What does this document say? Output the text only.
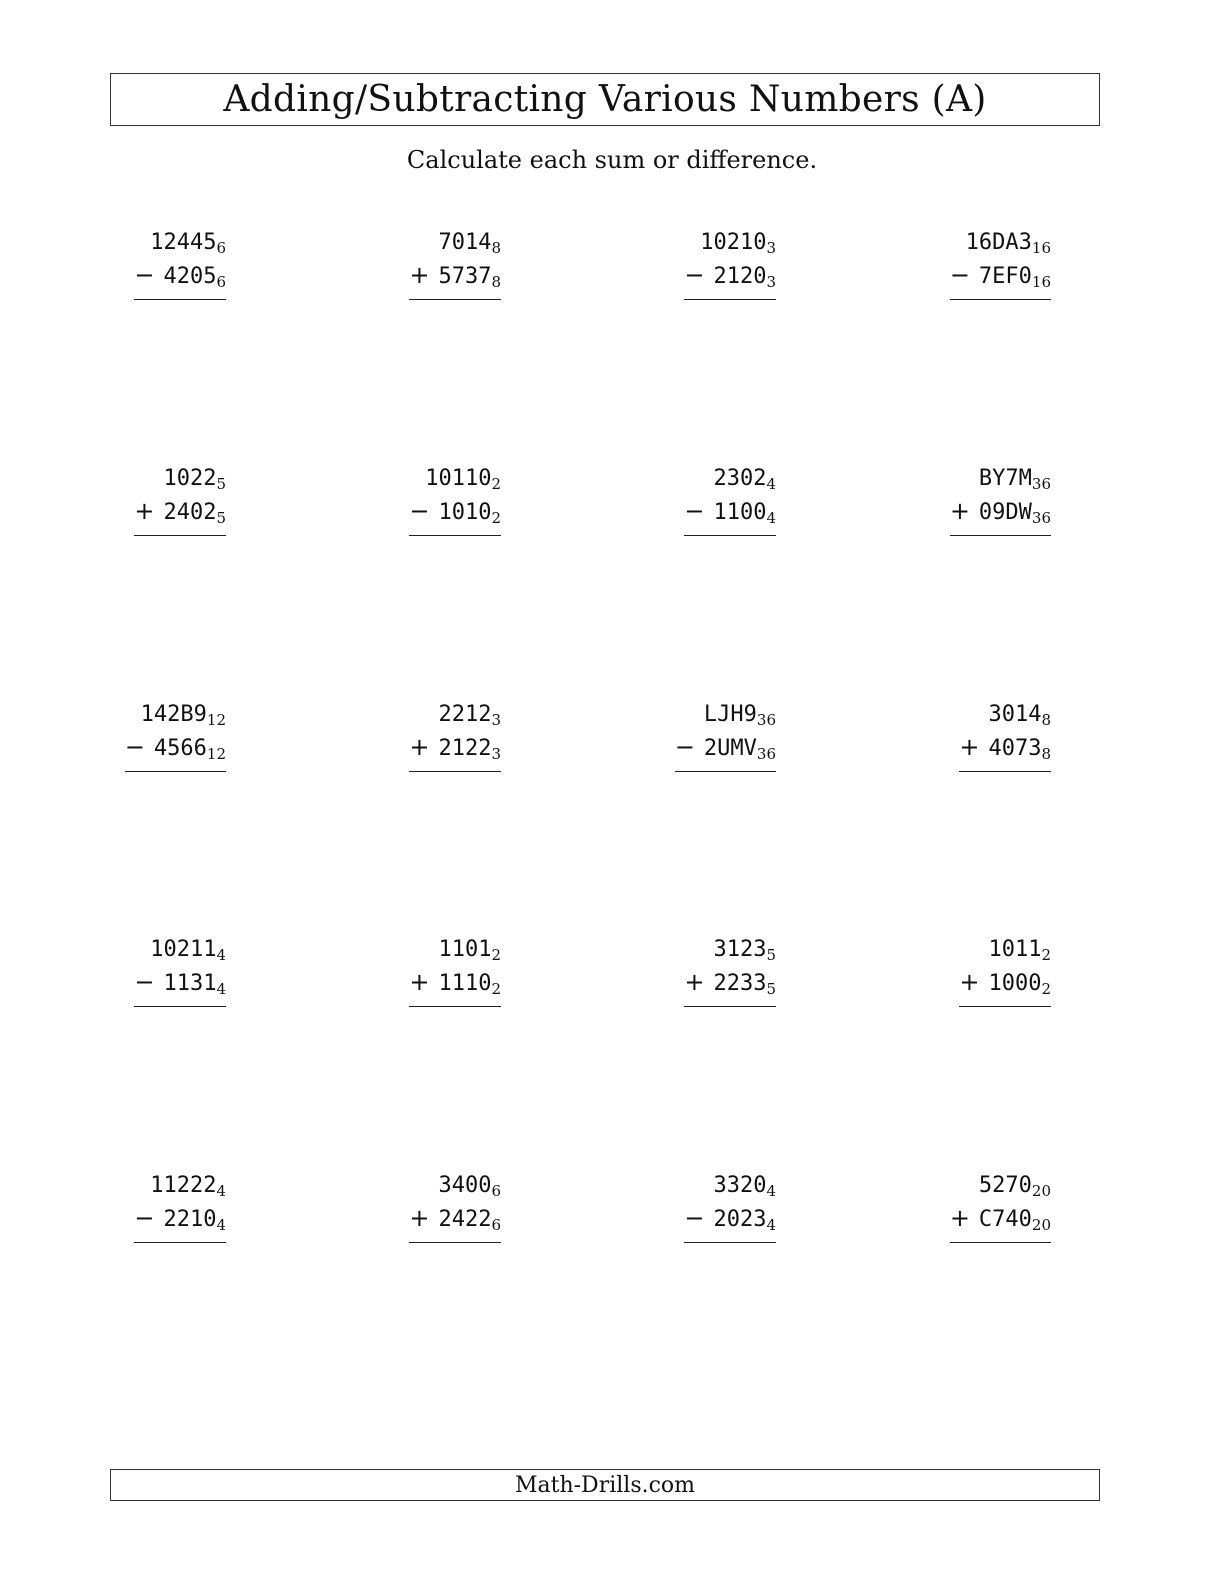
Adding/Subtracting Various Numbers (A)
Calculate each sum or difference.
$12445_6$
− $4205_6$
$7014_8$
+ $5737_8$
$10210_3$
− $2120_3$
$16DA3_{16}$
− $7EF0_{16}$
$1022_5$
+ $2402_5$
$10110_2$
− $1010_2$
$2302_4$
− $1100_4$
$BY7M_{36}$
+ $09DW_{36}$
$142B9_{12}$
− $4566_{12}$
$2212_3$
+ $2122_3$
$LJH9_{36}$
− $2UMV_{36}$
$3014_8$
+ $4073_8$
$10211_4$
− $1131_4$
$1101_2$
+ $1110_2$
$3123_5$
+ $2233_5$
$1011_2$
+ $1000_2$
$11222_4$
− $2210_4$
$3400_6$
+ $2422_6$
$3320_4$
− $2023_4$
$5270_{20}$
+ $C740_{20}$
Math-Drills.com
